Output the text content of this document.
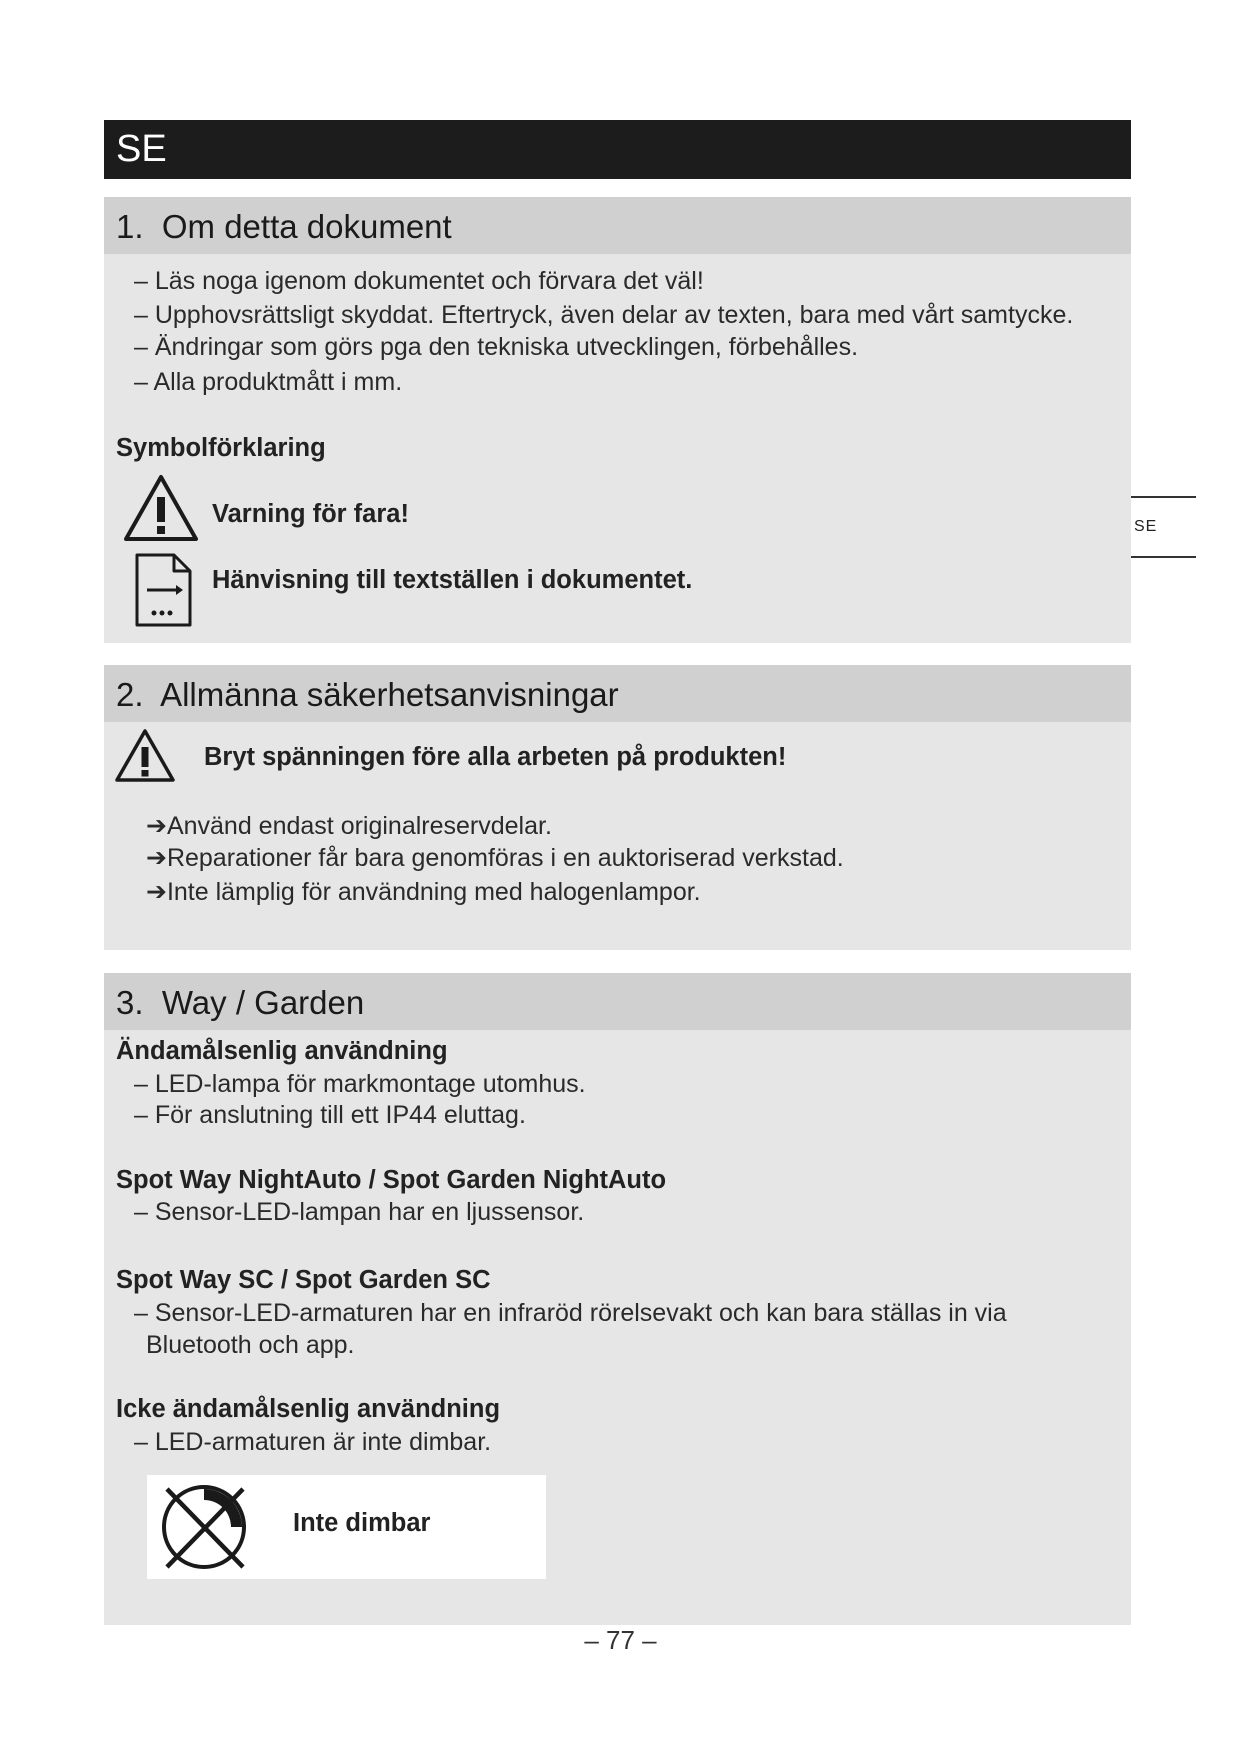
SE
SE
1. Om detta dokument
– Läs noga igenom dokumentet och förvara det väl!
– Upphovsrättsligt skyddat. Eftertryck, även delar av texten, bara med vårt samtycke.
– Ändringar som görs pga den tekniska utvecklingen, förbehålles.
– Alla produktmått i mm.
Symbolförklaring
Varning för fara!
Hänvisning till textställen i dokumentet.
2. Allmänna säkerhetsanvisningar
Bryt spänningen före alla arbeten på produkten!
➔Använd endast originalreservdelar.
➔Reparationer får bara genomföras i en auktoriserad verkstad.
➔Inte lämplig för användning med halogenlampor.
3. Way / Garden
Ändamålsenlig användning
– LED-lampa för markmontage utomhus.
– För anslutning till ett IP44 eluttag.
Spot Way NightAuto / Spot Garden NightAuto
– Sensor-LED-lampan har en ljussensor.
Spot Way SC / Spot Garden SC
– Sensor-LED-armaturen har en infraröd rörelsevakt och kan bara ställas in via
Bluetooth och app.
Icke ändamålsenlig användning
– LED-armaturen är inte dimbar.
Inte dimbar
– 77 –
